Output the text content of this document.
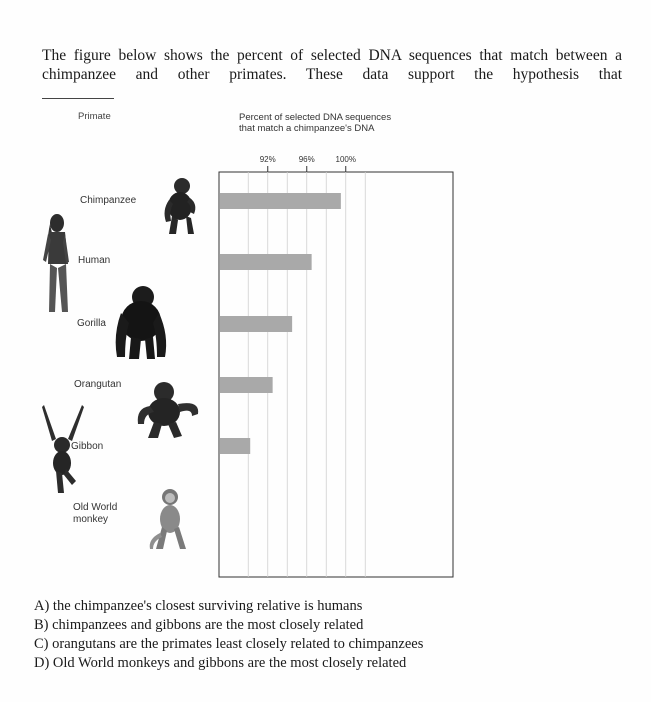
The figure below shows the percent of selected DNA sequences that match between a chimpanzee and other primates. These data support the hypothesis that
Primate	Percent of selected DNA sequences
that match a chimpanzee's DNA
92%	96%	100%
Chimpanzee
Human
Gorilla
Orangutan
Gibbon
Old World
monkey
A) the chimpanzee's closest surviving relative is humans
B) chimpanzees and gibbons are the most closely related
C) orangutans are the primates least closely related to chimpanzees
D) Old World monkeys and gibbons are the most closely related
